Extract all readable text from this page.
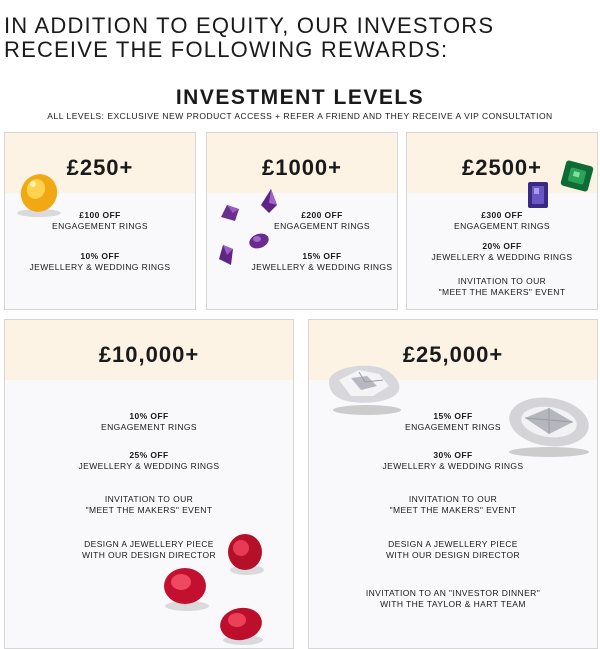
IN ADDITION TO EQUITY, OUR INVESTORS
RECEIVE THE FOLLOWING REWARDS:
INVESTMENT LEVELS
ALL LEVELS: EXCLUSIVE NEW PRODUCT ACCESS + REFER A FRIEND AND THEY RECEIVE A VIP CONSULTATION
£250+
£100 OFF
ENGAGEMENT RINGS
10% OFF
JEWELLERY & WEDDING RINGS
£1000+
£200 OFF
ENGAGEMENT RINGS
15% OFF
JEWELLERY & WEDDING RINGS
£2500+
£300 OFF
ENGAGEMENT RINGS
20% OFF
JEWELLERY & WEDDING RINGS
INVITATION TO OUR
"MEET THE MAKERS" EVENT
£10,000+
10% OFF
ENGAGEMENT RINGS
25% OFF
JEWELLERY & WEDDING RINGS
INVITATION TO OUR
"MEET THE MAKERS" EVENT
DESIGN A JEWELLERY PIECE
WITH OUR DESIGN DIRECTOR
£25,000+
15% OFF
ENGAGEMENT RINGS
30% OFF
JEWELLERY & WEDDING RINGS
INVITATION TO OUR
"MEET THE MAKERS" EVENT
DESIGN A JEWELLERY PIECE
WITH OUR DESIGN DIRECTOR
INVITATION TO AN "INVESTOR DINNER"
WITH THE TAYLOR & HART TEAM
